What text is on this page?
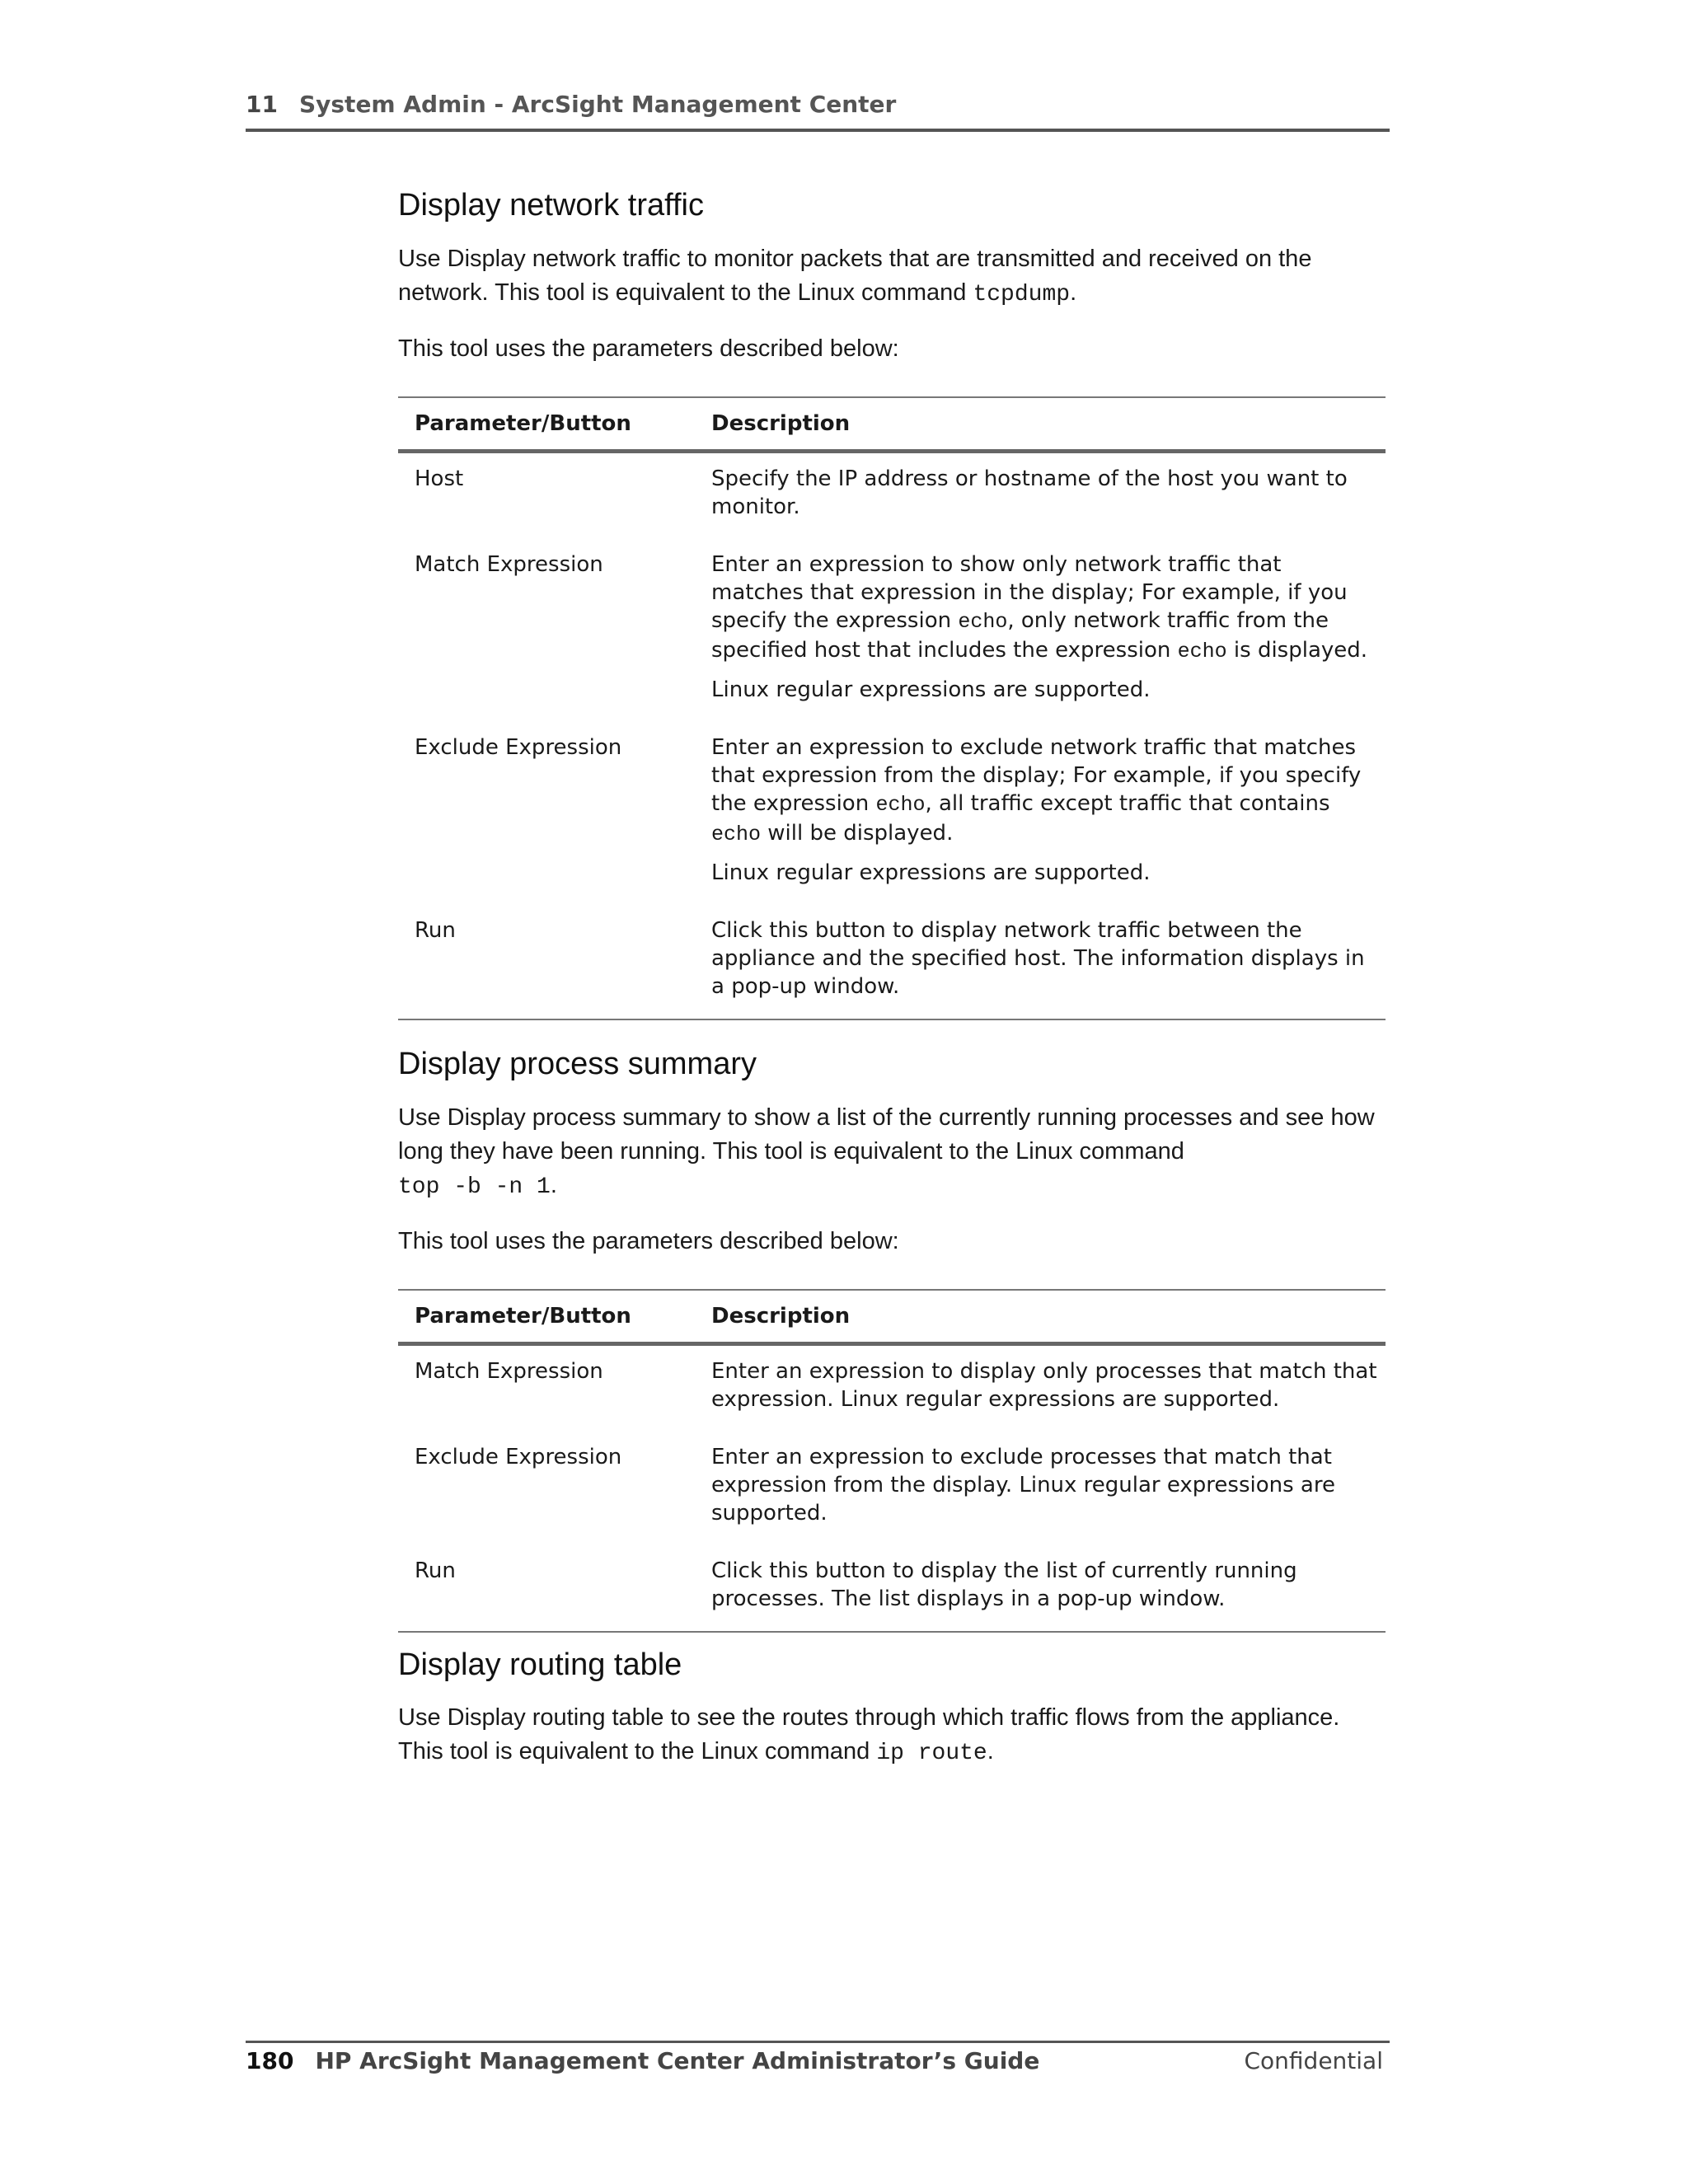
11 System Admin - ArcSight Management Center
Display network traffic

Use Display network traffic to monitor packets that are transmitted and received on the network. This tool is equivalent to the Linux command tcpdump.

This tool uses the parameters described below:

Parameter/Button	Description
Host	Specify the IP address or hostname of the host you want to monitor.
Match Expression	Enter an expression to show only network traffic that matches that expression in the display; For example, if you specify the expression echo, only network traffic from the specified host that includes the expression echo is displayed.
Linux regular expressions are supported.

Exclude Expression	Enter an expression to exclude network traffic that matches that expression from the display; For example, if you specify the expression echo, all traffic except traffic that contains echo will be displayed.
Linux regular expressions are supported.

Run	Click this button to display network traffic between the appliance and the specified host. The information displays in a pop-up window.
Display process summary

Use Display process summary to show a list of the currently running processes and see how long they have been running. This tool is equivalent to the Linux command
top -b -n 1.

This tool uses the parameters described below:

Parameter/Button	Description
Match Expression	Enter an expression to display only processes that match that expression. Linux regular expressions are supported.
Exclude Expression	Enter an expression to exclude processes that match that expression from the display. Linux regular expressions are supported.
Run	Click this button to display the list of currently running processes. The list displays in a pop-up window.
Display routing table

Use Display routing table to see the routes through which traffic flows from the appliance. This tool is equivalent to the Linux command ip route.

180 HP ArcSight Management Center Administrator’s Guide	Confidential
